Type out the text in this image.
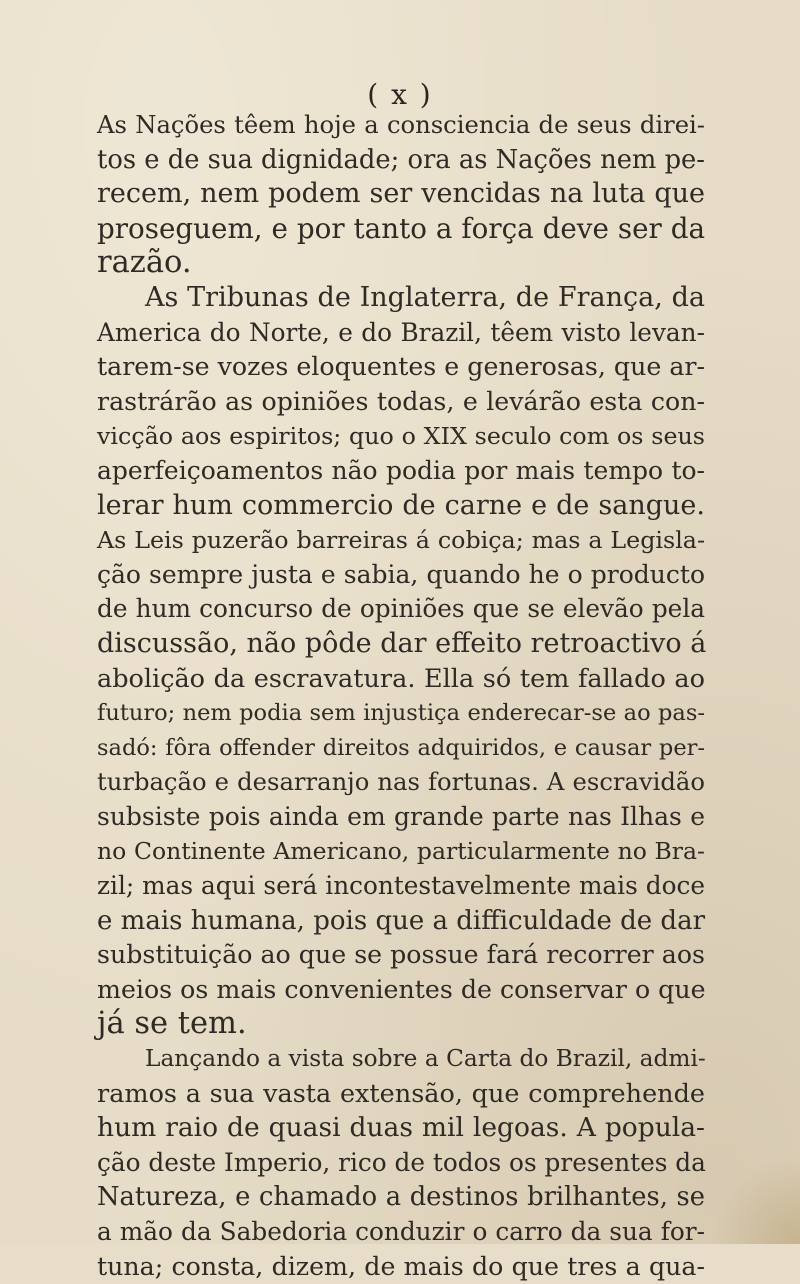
( x )
As Nações têem hoje a consciencia de seus direi-
tos e de sua dignidade; ora as Nações nem pe-
recem, nem podem ser vencidas na luta que
proseguem, e por tanto a força deve ser da
razão.
As Tribunas de Inglaterra, de França, da
America do Norte, e do Brazil, têem visto levan-
tarem-se vozes eloquentes e generosas, que ar-
rastrárão as opiniões todas, e levárão esta con-
vicção aos espiritos; quo o XIX seculo com os seus
aperfeiçoamentos não podia por mais tempo to-
lerar hum commercio de carne e de sangue.
As Leis puzerão barreiras á cobiça; mas a Legisla-
ção sempre justa e sabia, quando he o producto
de hum concurso de opiniões que se elevão pela
discussão, não pôde dar effeito retroactivo á
abolição da escravatura. Ella só tem fallado ao
futuro; nem podia sem injustiça enderecar-se ao pas-
sadó: fôra offender direitos adquiridos, e causar per-
turbação e desarranjo nas fortunas. A escravidão
subsiste pois ainda em grande parte nas Ilhas e
no Continente Americano, particularmente no Bra-
zil; mas aqui será incontestavelmente mais doce
e mais humana, pois que a difficuldade de dar
substituição ao que se possue fará recorrer aos
meios os mais convenientes de conservar o que
já se tem.
Lançando a vista sobre a Carta do Brazil, admi-
ramos a sua vasta extensão, que comprehende
hum raio de quasi duas mil legoas. A popula-
ção deste Imperio, rico de todos os presentes da
Natureza, e chamado a destinos brilhantes, se
a mão da Sabedoria conduzir o carro da sua for-
tuna; consta, dizem, de mais do que tres a qua-
